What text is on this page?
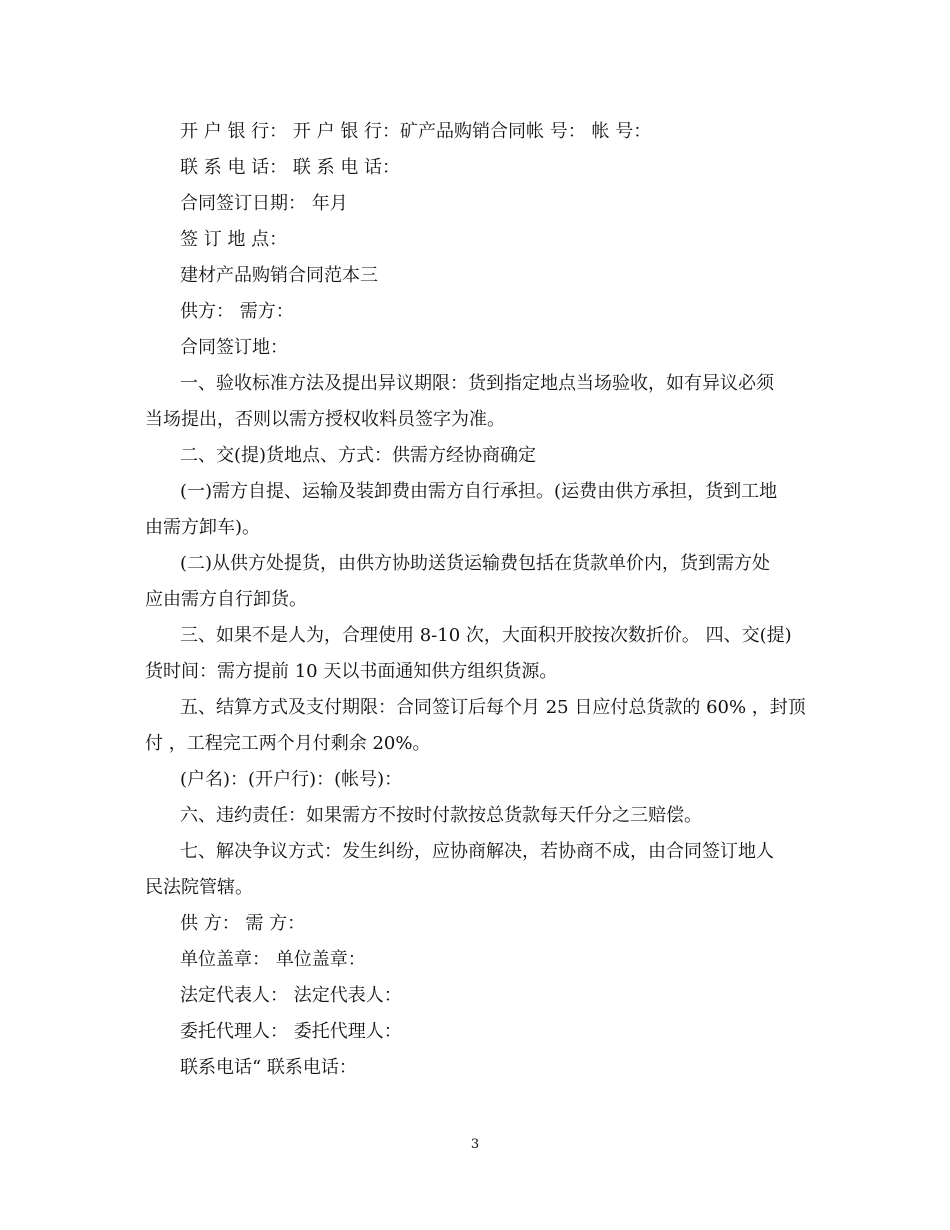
开 户 银 行： 开 户 银 行：矿产品购销合同帐 号： 帐 号：
联 系 电 话： 联 系 电 话：
合同签订日期： 年月
签 订 地 点：
建材产品购销合同范本三
供方： 需方：
合同签订地：
一、验收标准方法及提出异议期限：货到指定地点当场验收，如有异议必须
当场提出，否则以需方授权收料员签字为准。
二、交(提)货地点、方式：供需方经协商确定
(一)需方自提、运输及装卸费由需方自行承担。(运费由供方承担，货到工地
由需方卸车)。
(二)从供方处提货，由供方协助送货运输费包括在货款单价内，货到需方处
应由需方自行卸货。
三、如果不是人为，合理使用 8-10 次，大面积开胶按次数折价。 四、交(提)
货时间：需方提前 10 天以书面通知供方组织货源。
五、结算方式及支付期限：合同签订后每个月 25 日应付总货款的 60% ，封顶
付 ，工程完工两个月付剩余 20%。
(户名)：(开户行)：(帐号)：
六、违约责任：如果需方不按时付款按总货款每天仟分之三赔偿。
七、解决争议方式：发生纠纷，应协商解决，若协商不成，由合同签订地人
民法院管辖。
供 方： 需 方：
单位盖章： 单位盖章：
法定代表人： 法定代表人：
委托代理人： 委托代理人：
联系电话“ 联系电话：
3
